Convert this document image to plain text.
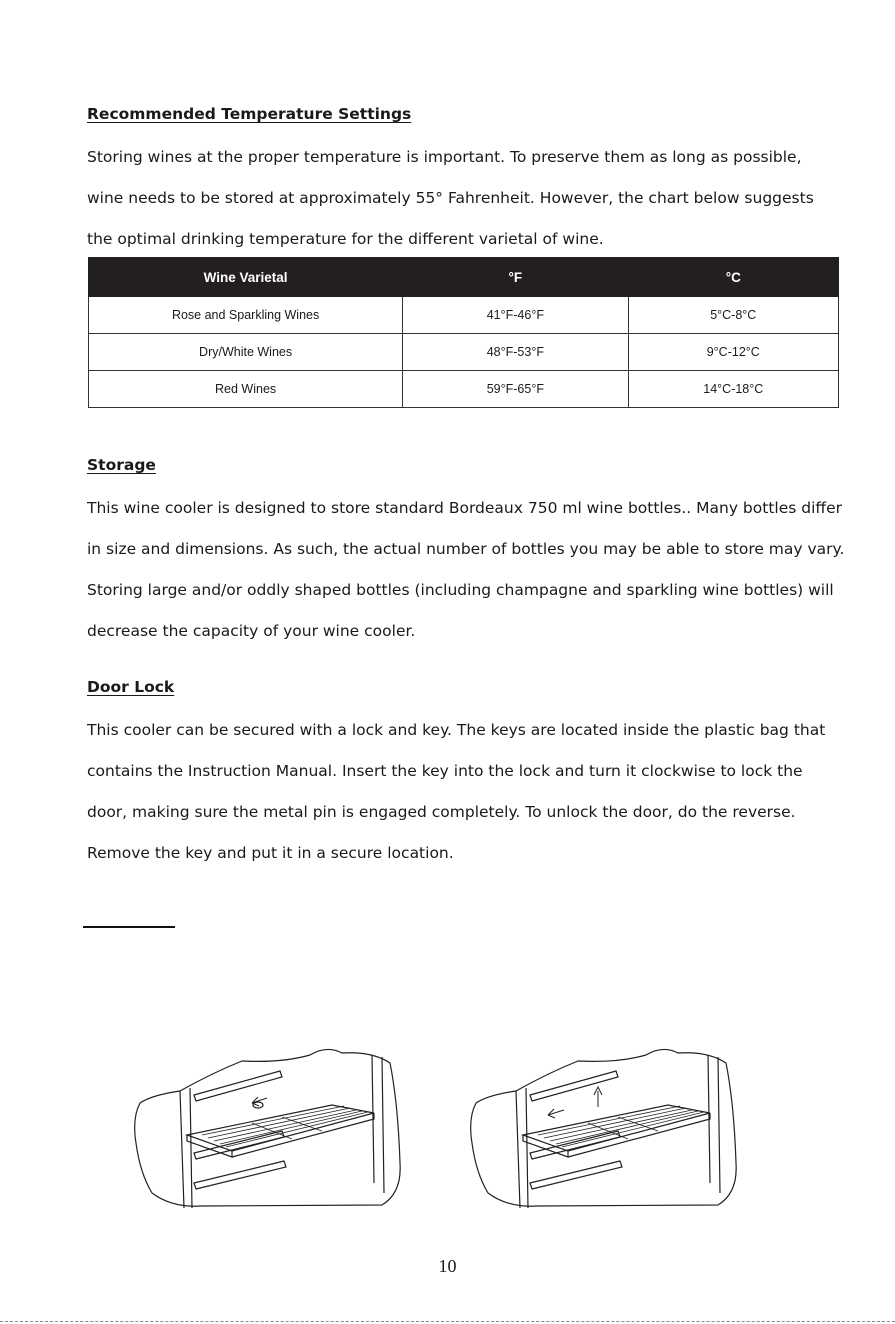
Recommended Temperature Settings
Storing wines at the proper temperature is important. To preserve them as long as possible,
wine needs to be stored at approximately 55° Fahrenheit. However, the chart below suggests
the optimal drinking temperature for the different varietal of wine.
Wine Varietal	°F	°C
Rose and Sparkling Wines	41°F-46°F	5°C-8°C
Dry/White Wines	48°F-53°F	9°C-12°C
Red Wines	59°F-65°F	14°C-18°C
Storage
This wine cooler is designed to store standard Bordeaux 750 ml wine bottles.. Many bottles differ
in size and dimensions. As such, the actual number of bottles you may be able to store may vary.
Storing large and/or oddly shaped bottles (including champagne and sparkling wine bottles) will
decrease the capacity of your wine cooler.
Door Lock
This cooler can be secured with a lock and key. The keys are located inside the plastic bag that
contains the Instruction Manual. Insert the key into the lock and turn it clockwise to lock the
door, making sure the metal pin is engaged completely. To unlock the door, do the reverse.
Remove the key and put it in a secure location.

10
